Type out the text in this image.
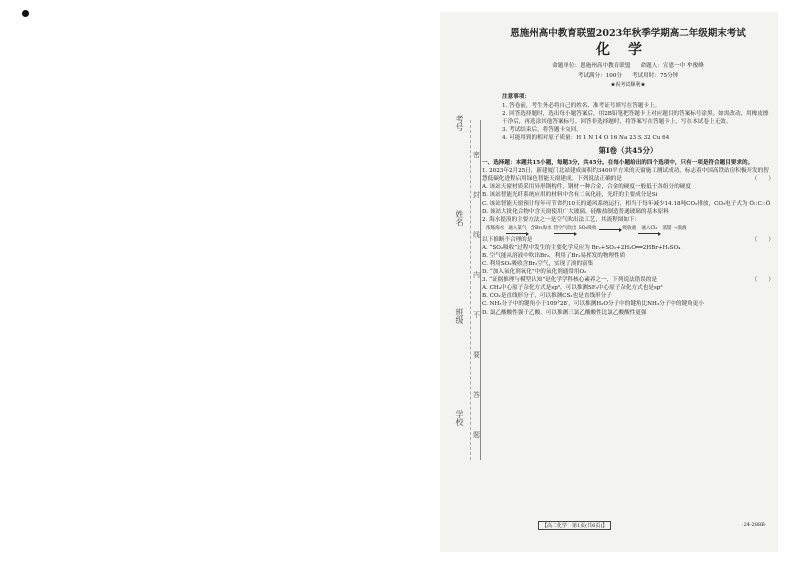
考号
姓名
班级
学校
密
封
线
内
不
要
答
题

恩施州高中教育联盟2023年秋季学期高二年级期末考试

化学

命题单位：恩施州高中教育联盟 命题人：宣恩一中 牟俊峰
考试满分：100分 考试用时：75分钟
★祝考试顺利★

注意事项：

1. 答卷前，考生务必将自己的姓名、准考证号填写在答题卡上。

2. 回答选择题时，选出每小题答案后，用2B铅笔把答题卡上对应题目的答案标号涂黑。如需改动，用橡皮擦干净后，再选涂其他答案标号。回答非选择题时，将答案写在答题卡上，写在本试卷上无效。

3. 考试结束后，将答题卡交回。

4. 可能用到的相对原子质量：H 1 N 14 O 16 Na 23 S 32 Cu 64

第Ⅰ卷（共45分）

一、选择题：本题共15小题，每题3分，共45分。在每小题给出的四个选项中，只有一项是符合题目要求的。

1. 2023年2月25日，新建厦门北站建成面积约3400平方米的天窗施工测试成功，标志着中国高铁站房积极开发的智慧低碳化进程启用绿色智能天窗建成。下列说法正确的是	（　　）

A. 该站天窗材质采用异形钢构件，钢材一种合金，合金的硬度一般低于各组分的硬度

B. 该站智能光纤系统应用的材料中含有二氧化硅，光纤的主要成分是Si

C. 该站智能天窗预计每年可节省约10天的通风系统运行，相当于每年减少14.18吨CO₂排放，CO₂电子式为 Ö::C::Ö

D. 该站大批化合物中含天窗使用广大玻璃、硅酸盐制造普通玻璃的基本原料

2. 海水提溴的主要方法之一是空气吹出法工艺，其流程图如下：

浓缩海水 通入氯气 含Br₂海水 热空气吹出 SO₂吸收	吸收液 通入Cl₂ 蒸馏 →溴液

以下推断不合理的是	（　　）

A. “SO₂吸收”过程中发生的主要化学反应为 Br₂+SO₂+2H₂O══2HBr+H₂SO₄

B. 空气能从溶液中吹出Br₂，利用了Br₂易挥发的物理性质

C. 利用SO₂吸收含Br₂空气，实现了溴的富集

D. “加入氧化剂氧化”中的氧化剂通常用O₂

3. “证据推理与模型认知”是化学学科核心素养之一，下列说法错误的是	（　　）

A. CH₄中心原子杂化方式是sp³，可以推测SF₆中心原子杂化方式也是sp³

B. CO₂是直线形分子，可以推测CS₂也是直线形分子

C. NH₃分子中的键角小于109°28′，可以推测H₂O分子中的键角比NH₃分子中的键角更小

D. 氯乙酸酸性强于乙酸，可以推测三氯乙酸酸性比氯乙酸酸性更强

【高二化学　第1页(共6页)】	·24-288B·
